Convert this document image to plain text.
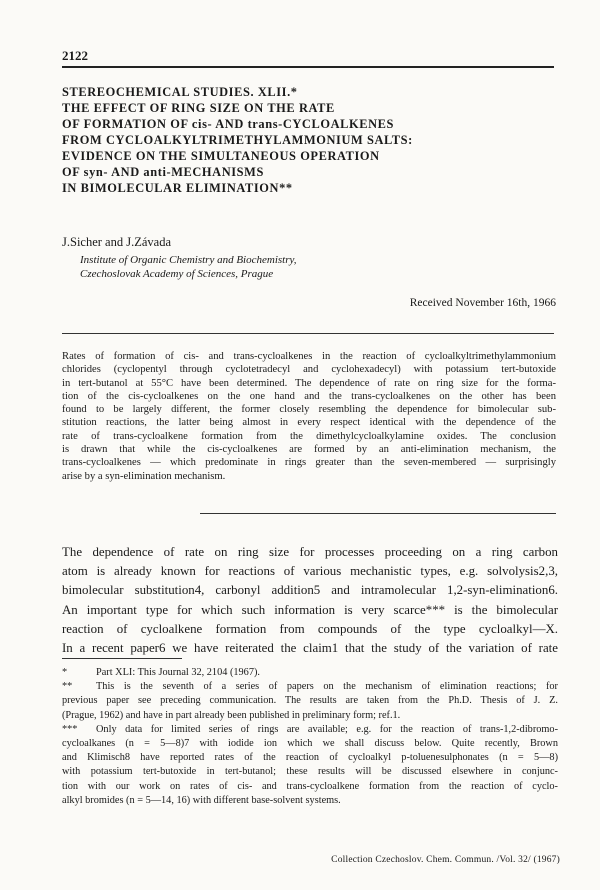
2122
STEREOCHEMICAL STUDIES. XLII.*
THE EFFECT OF RING SIZE ON THE RATE
OF FORMATION OF cis- AND trans-CYCLOALKENES
FROM CYCLOALKYLTRIMETHYLAMMONIUM SALTS:
EVIDENCE ON THE SIMULTANEOUS OPERATION
OF syn- AND anti-MECHANISMS
IN BIMOLECULAR ELIMINATION**
J.Sicher and J.Závada
Institute of Organic Chemistry and Biochemistry,
Czechoslovak Academy of Sciences, Prague
Received November 16th, 1966
Rates of formation of cis- and trans-cycloalkenes in the reaction of cycloalkyltrimethylammonium
chlorides (cyclopentyl through cyclotetradecyl and cyclohexadecyl) with potassium tert-butoxide
in tert-butanol at 55°C have been determined. The dependence of rate on ring size for the forma-
tion of the cis-cycloalkenes on the one hand and the trans-cycloalkenes on the other has been
found to be largely different, the former closely resembling the dependence for bimolecular sub-
stitution reactions, the latter being almost in every respect identical with the dependence of the
rate of trans-cycloalkene formation from the dimethylcycloalkylamine oxides. The conclusion
is drawn that while the cis-cycloalkenes are formed by an anti-elimination mechanism, the
trans-cycloalkenes — which predominate in rings greater than the seven-membered — surprisingly
arise by a syn-elimination mechanism.
The dependence of rate on ring size for processes proceeding on a ring carbon
atom is already known for reactions of various mechanistic types, e.g. solvolysis2,3,
bimolecular substitution4, carbonyl addition5 and intramolecular 1,2-syn-elimination6.
An important type for which such information is very scarce*** is the bimolecular
reaction of cycloalkene formation from compounds of the type cycloalkyl—X.
In a recent paper6 we have reiterated the claim1 that the study of the variation of rate
*	Part XLI: This Journal 32, 2104 (1967).
** This is the seventh of a series of papers on the mechanism of elimination reactions; for
previous paper see preceding communication. The results are taken from the Ph.D. Thesis of J. Z.
(Prague, 1962) and have in part already been published in preliminary form; ref.1.
*** Only data for limited series of rings are available; e.g. for the reaction of trans-1,2-dibromo-
cycloalkanes (n = 5—8)7 with iodide ion which we shall discuss below. Quite recently, Brown
and Klimisch8 have reported rates of the reaction of cycloalkyl p-toluenesulphonates (n = 5—8)
with potassium tert-butoxide in tert-butanol; these results will be discussed elsewhere in conjunc-
tion with our work on rates of cis- and trans-cycloalkene formation from the reaction of cyclo-
alkyl bromides (n = 5—14, 16) with different base-solvent systems.
Collection Czechoslov. Chem. Commun. /Vol. 32/ (1967)
